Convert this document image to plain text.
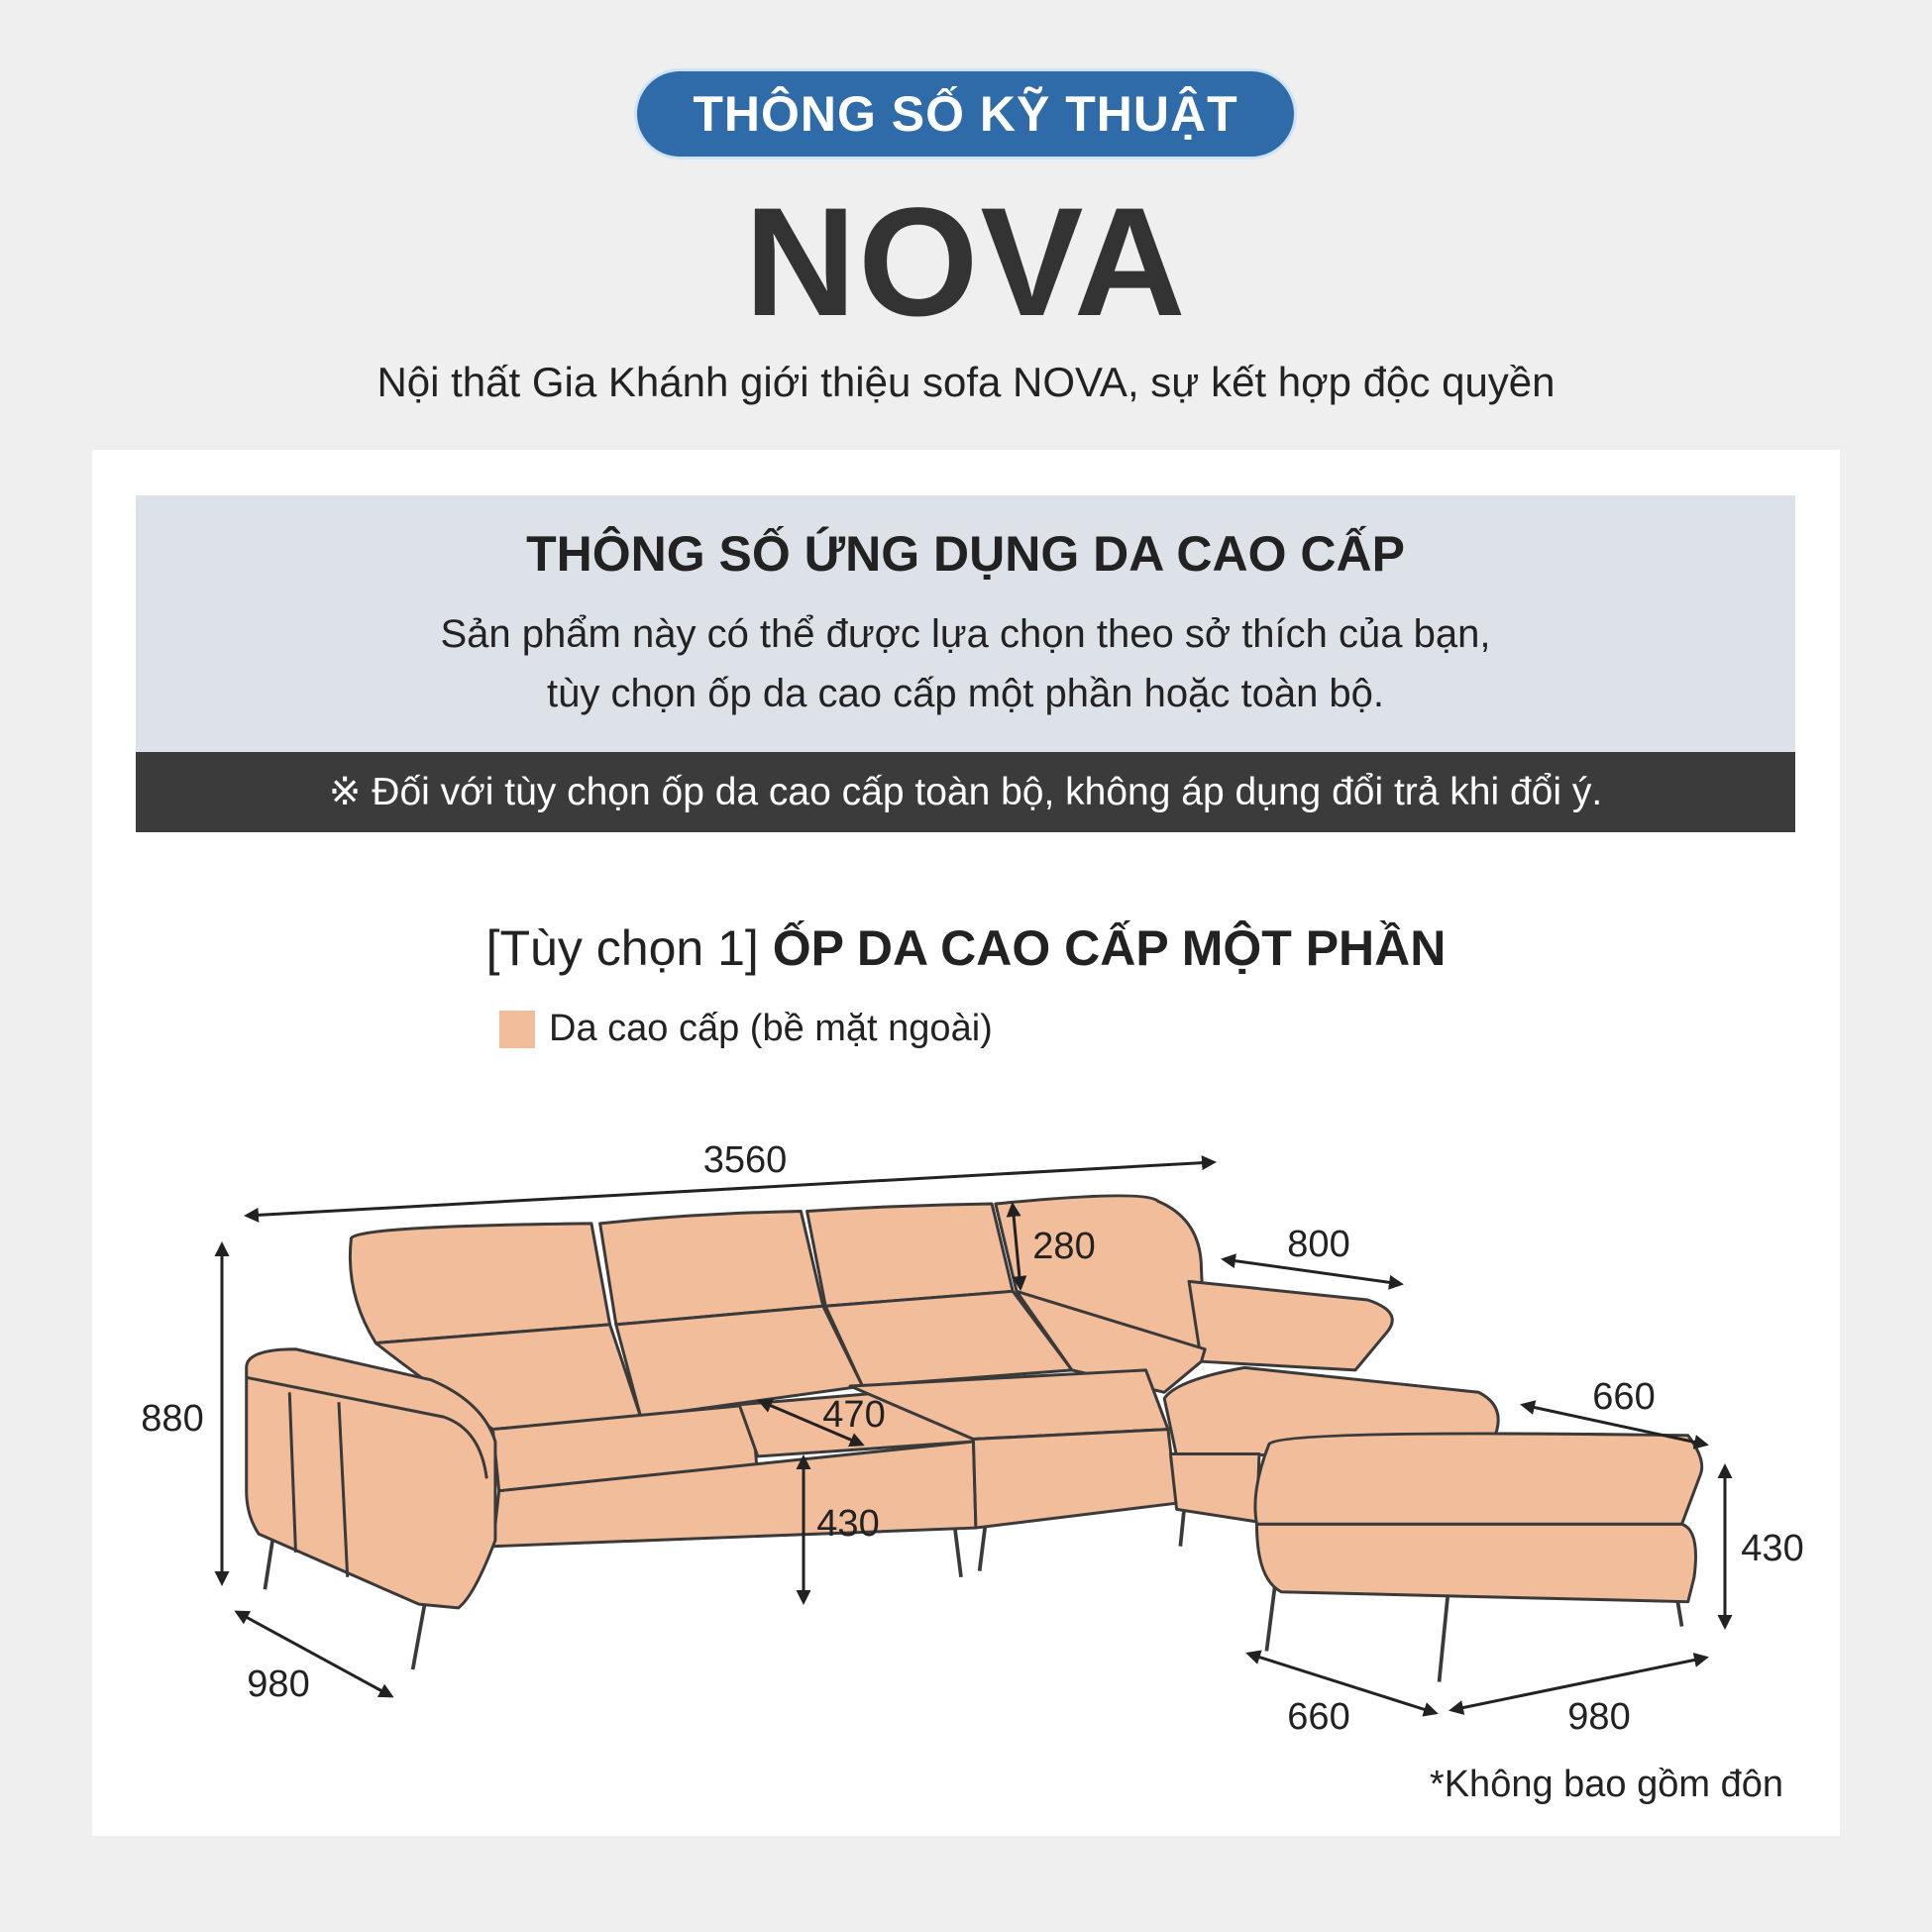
THÔNG SỐ KỸ THUẬT
NOVA
Nội thất Gia Khánh giới thiệu sofa NOVA, sự kết hợp độc quyền
THÔNG SỐ ỨNG DỤNG DA CAO CẤP
Sản phẩm này có thể được lựa chọn theo sở thích của bạn,
tùy chọn ốp da cao cấp một phần hoặc toàn bộ.
※ Đối với tùy chọn ốp da cao cấp toàn bộ, không áp dụng đổi trả khi đổi ý.
[Tùy chọn 1] ỐP DA CAO CẤP MỘT PHẦN
Da cao cấp (bề mặt ngoài)
3560
280	800
880	470
430
660
430
980
660	980
*Không bao gồm đôn
